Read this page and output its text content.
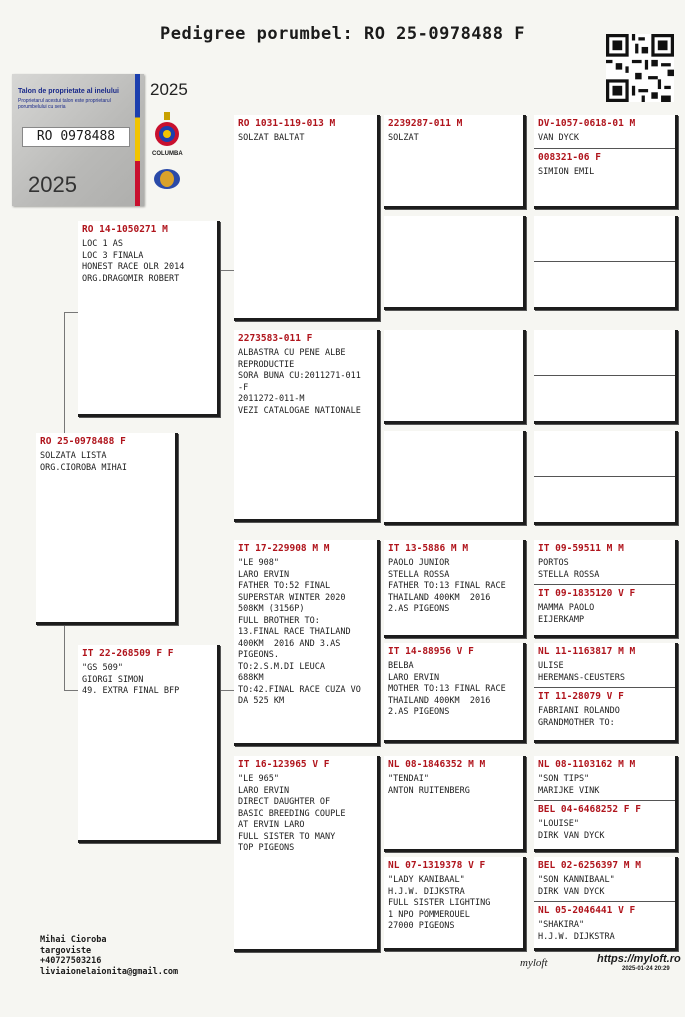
Pedigree porumbel: RO 25-0978488 F
Talon de proprietate al inelului
Proprietarul acestui talon este proprietarul porumbelului cu seria
RO 0978488
2025
2025
COLUMBA
RO 25-0978488 F
SOLZATA LISTA
ORG.CIOROBA MIHAI
RO 14-1050271 M
LOC 1 AS
LOC 3 FINALA
HONEST RACE OLR 2014
ORG.DRAGOMIR ROBERT
IT 22-268509 F F
"GS 509"
GIORGI SIMON
49. EXTRA FINAL BFP
RO 1031-119-013 M
SOLZAT BALTAT
2273583-011 F
ALBASTRA CU PENE ALBE
REPRODUCTIE
SORA BUNA CU:2011271-011
-F
2011272-011-M
VEZI CATALOGAE NATIONALE
IT 17-229908 M M
"LE 908"
LARO ERVIN
FATHER TO:52 FINAL
SUPERSTAR WINTER 2020
508KM (3156P)
FULL BROTHER TO:
13.FINAL RACE THAILAND
400KM  2016 AND 3.AS
PIGEONS.
TO:2.S.M.DI LEUCA
688KM
TO:42.FINAL RACE CUZA VO
DA 525 KM
IT 16-123965 V F
"LE 965"
LARO ERVIN
DIRECT DAUGHTER OF
BASIC BREEDING COUPLE
AT ERVIN LARO
FULL SISTER TO MANY
TOP PIGEONS
2239287-011 M
SOLZAT
IT 13-5886 M M
PAOLO JUNIOR
STELLA ROSSA
FATHER TO:13 FINAL RACE
THAILAND 400KM  2016
2.AS PIGEONS
IT 14-88956 V F
BELBA
LARO ERVIN
MOTHER TO:13 FINAL RACE
THAILAND 400KM  2016
2.AS PIGEONS
NL 08-1846352 M M
"TENDAI"
ANTON RUITENBERG
NL 07-1319378 V F
"LADY KANIBAAL"
H.J.W. DIJKSTRA
FULL SISTER LIGHTING
1 NPO POMMEROUEL
27000 PIGEONS
DV-1057-0618-01 M
VAN DYCK
008321-06 F
SIMION EMIL
IT 09-59511 M M
PORTOS
STELLA ROSSA
IT 09-1835120 V F
MAMMA PAOLO
EIJERKAMP
NL 11-1163817 M M
ULISE
HEREMANS-CEUSTERS
IT 11-28079 V F
FABRIANI ROLANDO
GRANDMOTHER TO:
NL 08-1103162 M M
"SON TIPS"
MARIJKE VINK
BEL 04-6468252 F F
"LOUISE"
DIRK VAN DYCK
BEL 02-6256397 M M
"SON KANNIBAAL"
DIRK VAN DYCK
NL 05-2046441 V F
"SHAKIRA"
H.J.W. DIJKSTRA
Mihai Cioroba
targoviste
+40727503216
liviaionelaionita@gmail.com
myloft	https://myloft.ro
2025-01-24 20:29
